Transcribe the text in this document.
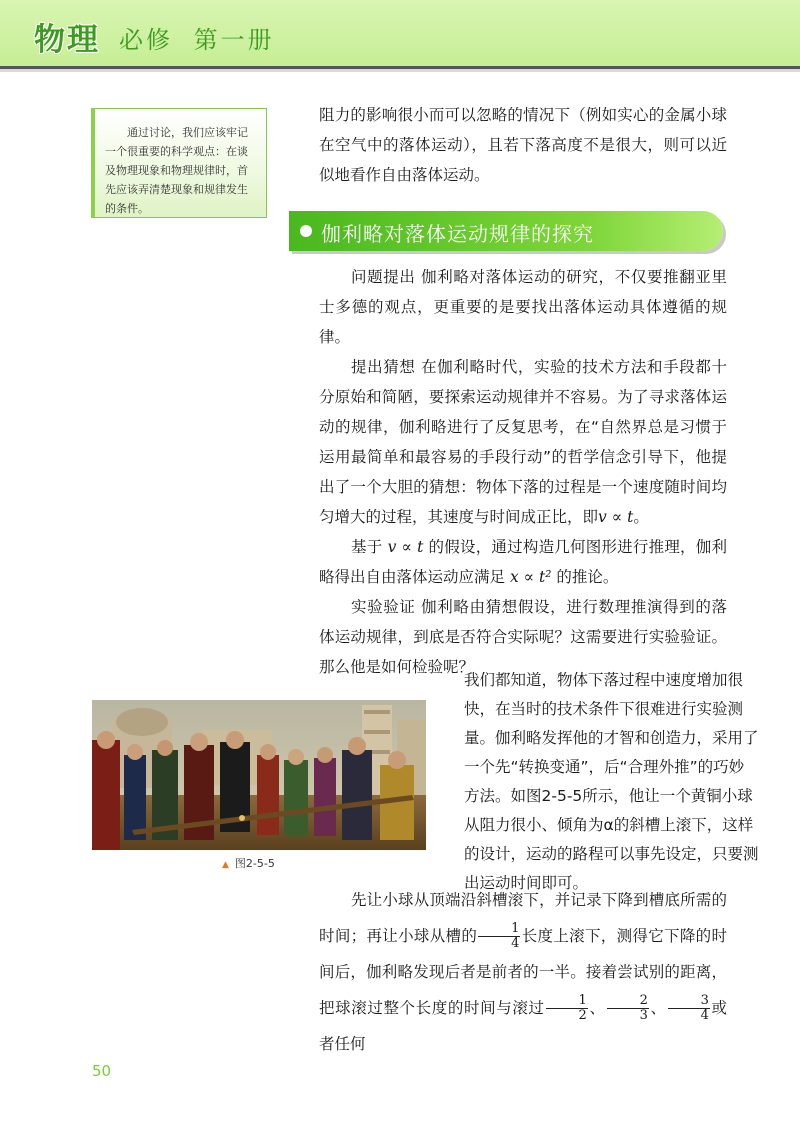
物理 必修 第一册

通过讨论，我们应该牢记一个很重要的科学观点：在谈及物理现象和物理规律时，首先应该弄清楚现象和规律发生的条件。

阻力的影响很小而可以忽略的情况下（例如实心的金属小球在空气中的落体运动），且若下落高度不是很大，则可以近似地看作自由落体运动。

伽利略对落体运动规律的探究

问题提出 伽利略对落体运动的研究，不仅要推翻亚里士多德的观点，更重要的是要找出落体运动具体遵循的规律。

提出猜想 在伽利略时代，实验的技术方法和手段都十分原始和简陋，要探索运动规律并不容易。为了寻求落体运动的规律，伽利略进行了反复思考，在“自然界总是习惯于运用最简单和最容易的手段行动”的哲学信念引导下，他提出了一个大胆的猜想：物体下落的过程是一个速度随时间均匀增大的过程，其速度与时间成正比，即v ∝ t。

基于 v ∝ t 的假设，通过构造几何图形进行推理，伽利略得出自由落体运动应满足 x ∝ t² 的推论。

实验验证 伽利略由猜想假设，进行数理推演得到的落体运动规律，到底是否符合实际呢？这需要进行实验验证。那么他是如何检验呢？

▲ 图2-5-5

我们都知道，物体下落过程中速度增加很快，在当时的技术条件下很难进行实验测量。伽利略发挥他的才智和创造力，采用了一个先“转换变通”，后“合理外推”的巧妙方法。如图2-5-5所示，他让一个黄铜小球从阻力很小、倾角为α的斜槽上滚下，这样的设计，运动的路程可以事先设定，只要测出运动时间即可。

先让小球从顶端沿斜槽滚下，并记录下降到槽底所需的时间；再让小球从槽的 $\frac{1}{4}$ 长度上滚下，测得它下降的时间后，伽利略发现后者是前者的一半。接着尝试别的距离，把球滚过整个长度的时间与滚过 $\frac{1}{2}$ 、 $\frac{2}{3}$ 、 $\frac{3}{4}$ 或者任何

50
